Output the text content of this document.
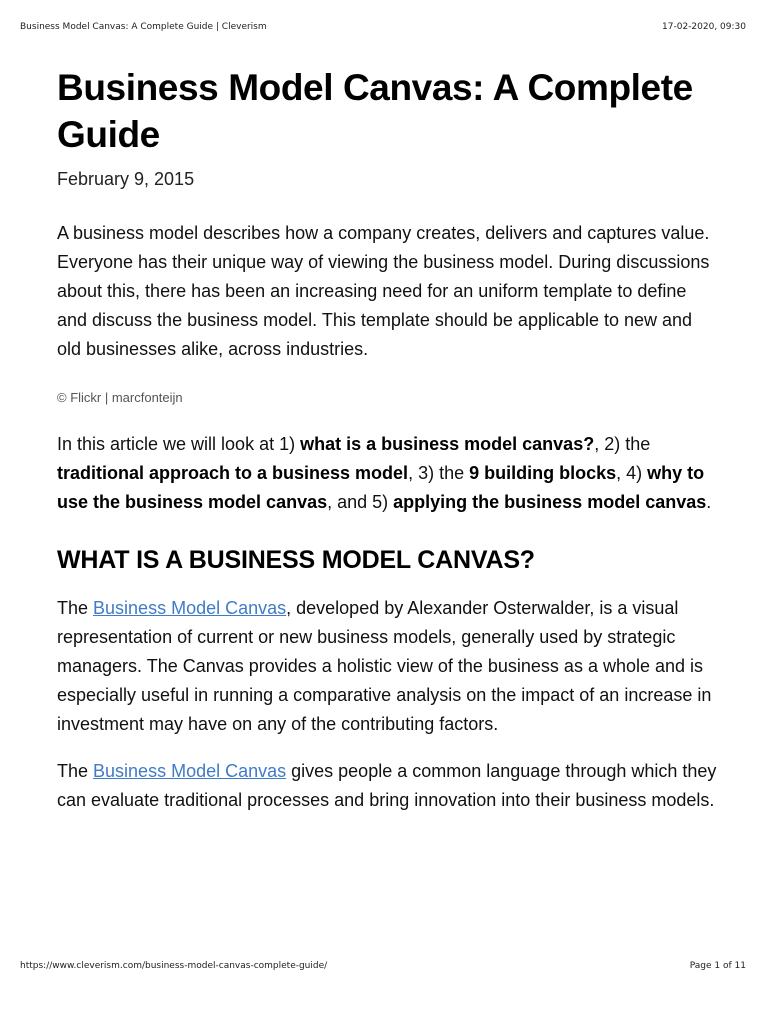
Business Model Canvas: A Complete Guide | Cleverism	17-02-2020, 09:30
Business Model Canvas: A Complete Guide
February 9, 2015

A business model describes how a company creates, delivers and captures value. Everyone has their unique way of viewing the business model. During discussions about this, there has been an increasing need for an uniform template to define and discuss the business model. This template should be applicable to new and old businesses alike, across industries.

© Flickr | marcfonteijn

In this article we will look at 1) what is a business model canvas?, 2) the traditional approach to a business model, 3) the 9 building blocks, 4) why to use the business model canvas, and 5) applying the business model canvas.

WHAT IS A BUSINESS MODEL CANVAS?

The Business Model Canvas, developed by Alexander Osterwalder, is a visual representation of current or new business models, generally used by strategic managers. The Canvas provides a holistic view of the business as a whole and is especially useful in running a comparative analysis on the impact of an increase in investment may have on any of the contributing factors.

The Business Model Canvas gives people a common language through which they can evaluate traditional processes and bring innovation into their business models.

https://www.cleverism.com/business-model-canvas-complete-guide/	Page 1 of 11
